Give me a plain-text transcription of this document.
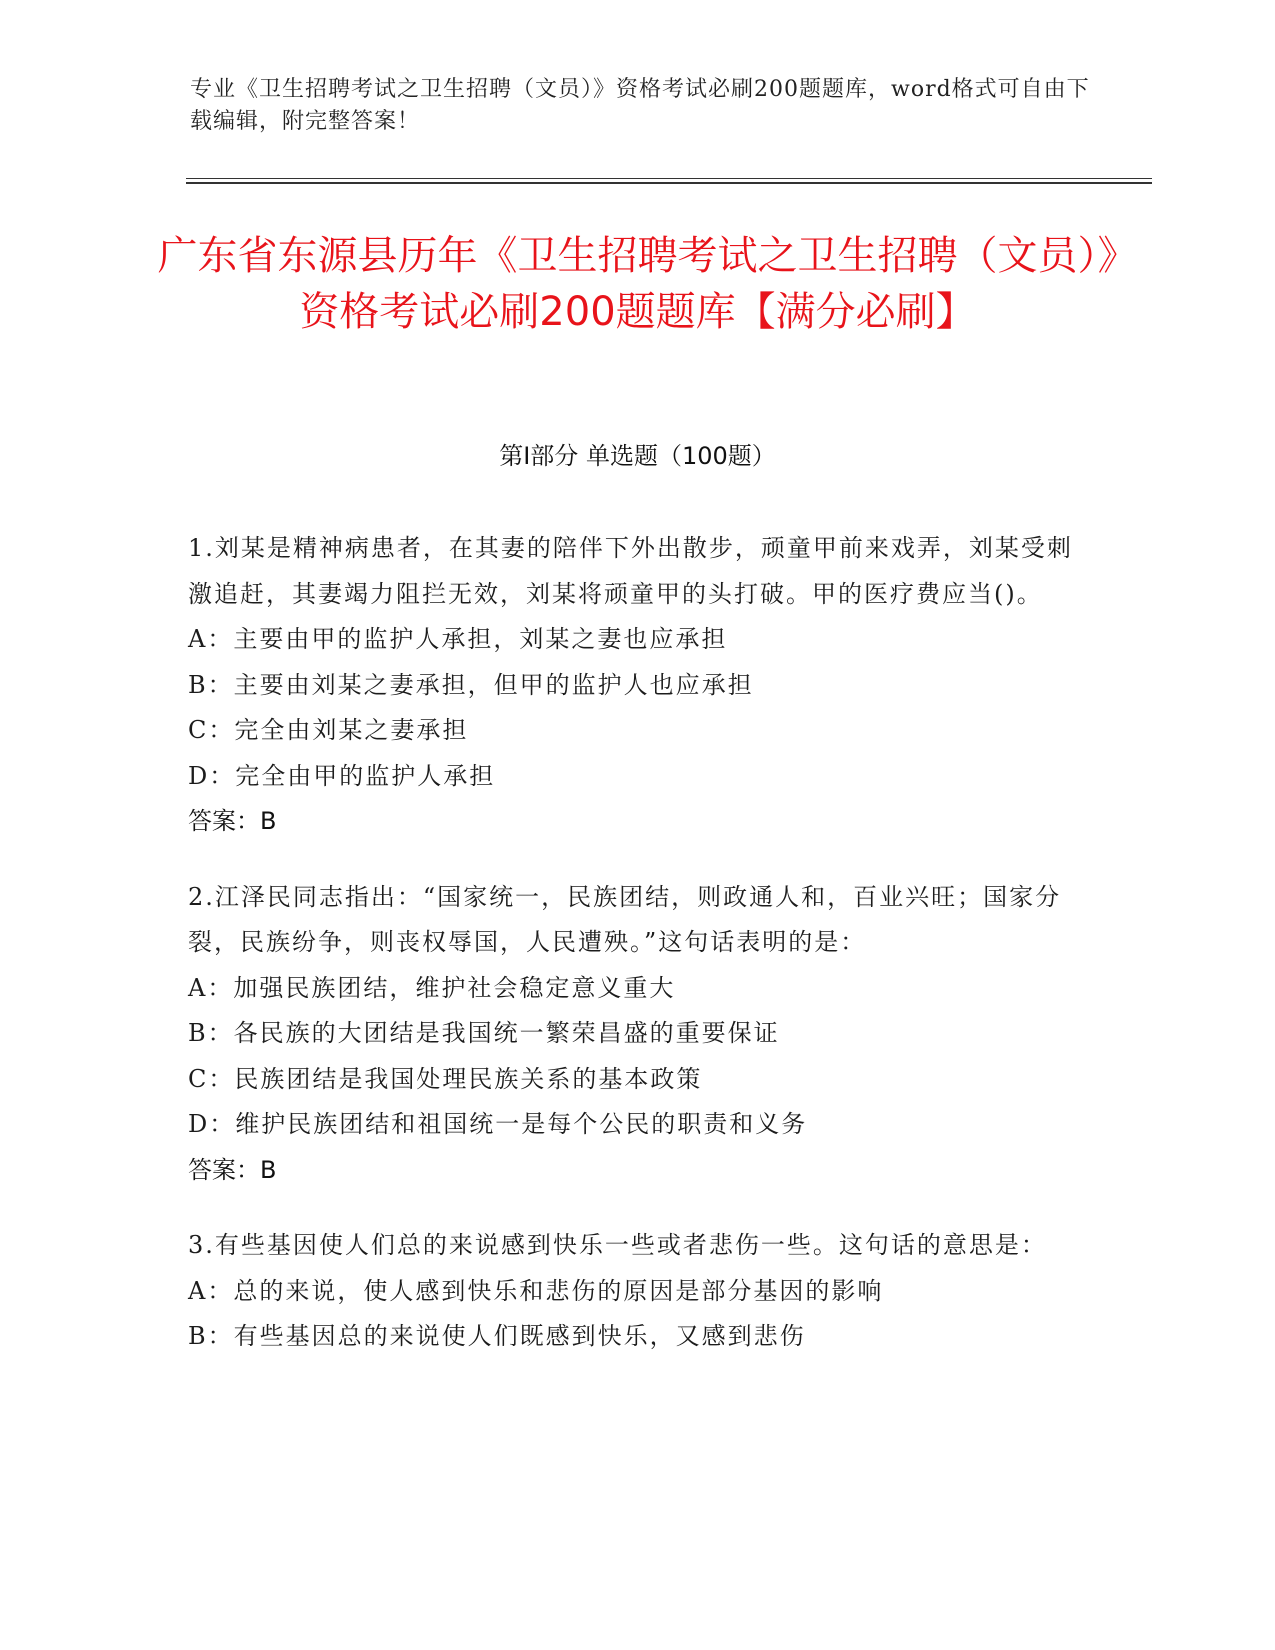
专业《卫生招聘考试之卫生招聘（文员）》资格考试必刷200题题库，word格式可自由下载编辑，附完整答案！
广东省东源县历年《卫生招聘考试之卫生招聘（文员）》资格考试必刷200题题库【满分必刷】
第Ⅰ部分 单选题（100题）
1.刘某是精神病患者，在其妻的陪伴下外出散步，顽童甲前来戏弄，刘某受刺激追赶，其妻竭力阻拦无效，刘某将顽童甲的头打破。甲的医疗费应当()。
A：主要由甲的监护人承担，刘某之妻也应承担
B：主要由刘某之妻承担，但甲的监护人也应承担
C：完全由刘某之妻承担
D：完全由甲的监护人承担
答案：B
2.江泽民同志指出：“国家统一，民族团结，则政通人和，百业兴旺；国家分裂，民族纷争，则丧权辱国，人民遭殃。”这句话表明的是：
A：加强民族团结，维护社会稳定意义重大
B：各民族的大团结是我国统一繁荣昌盛的重要保证
C：民族团结是我国处理民族关系的基本政策
D：维护民族团结和祖国统一是每个公民的职责和义务
答案：B
3.有些基因使人们总的来说感到快乐一些或者悲伤一些。这句话的意思是：
A：总的来说，使人感到快乐和悲伤的原因是部分基因的影响
B：有些基因总的来说使人们既感到快乐，又感到悲伤
